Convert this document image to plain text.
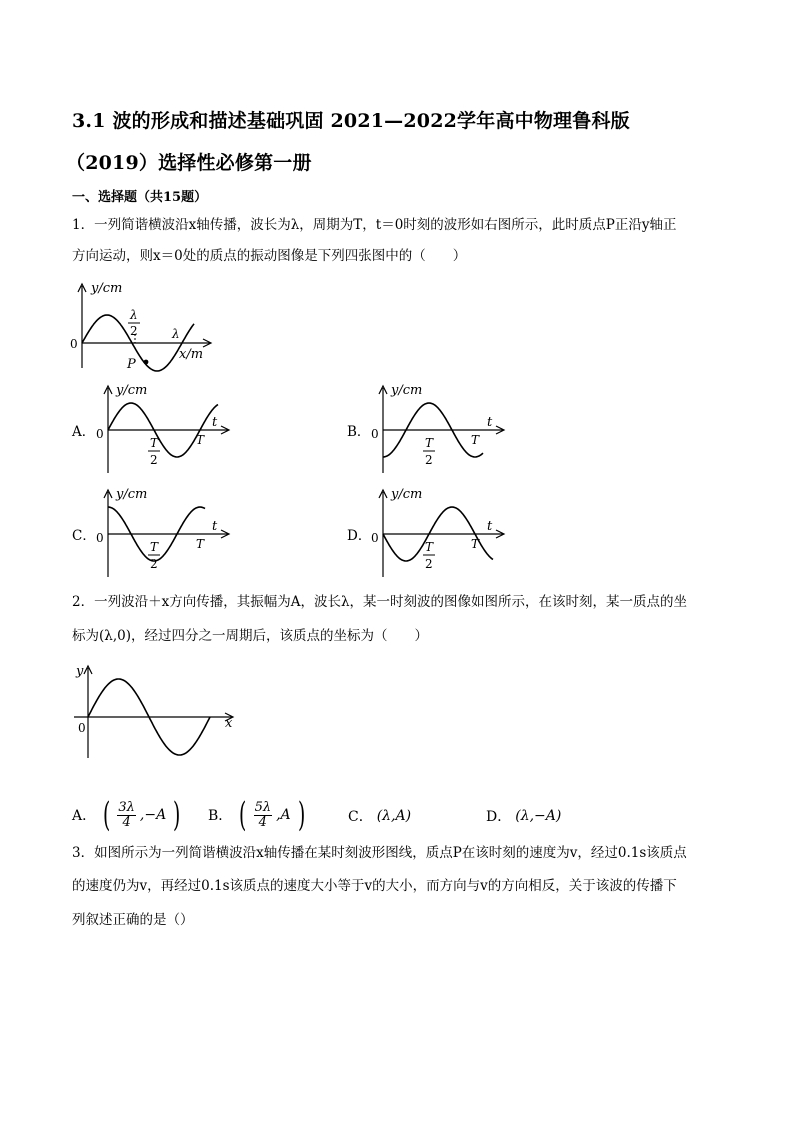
3.1 波的形成和描述基础巩固 2021—2022学年高中物理鲁科版
（2019）选择性必修第一册
一、选择题（共15题）
1．一列简谐横波沿x轴传播，波长为λ，周期为T，t＝0时刻的波形如右图所示，此时质点P正沿y轴正
方向运动，则x＝0处的质点的振动图像是下列四张图中的（　　）
y/cm
x/m
0
λ
2	λ
P
A．	B．
C．	D．
y/cm
t
0
T
2
T
y/cm
t
0
T
2
T
y/cm
t
0
T
2
T
y/cm
t
0
T
2
T
2．一列波沿＋x方向传播，其振幅为A，波长λ，某一时刻波的图像如图所示，在该时刻，某一质点的坐
标为(λ,0)，经过四分之一周期后，该质点的坐标为（　　）
y
x
0
A． ( $\frac{3\lambda}{4} ,-A$ ) B． ( $\frac{5\lambda}{4} ,A$ )	C． (λ,A)	D． (λ,−A)
3．如图所示为一列简谐横波沿x轴传播在某时刻波形图线，质点P在该时刻的速度为v，经过0.1s该质点
的速度仍为v，再经过0.1s该质点的速度大小等于v的大小，而方向与v的方向相反，关于该波的传播下
列叙述正确的是（）
